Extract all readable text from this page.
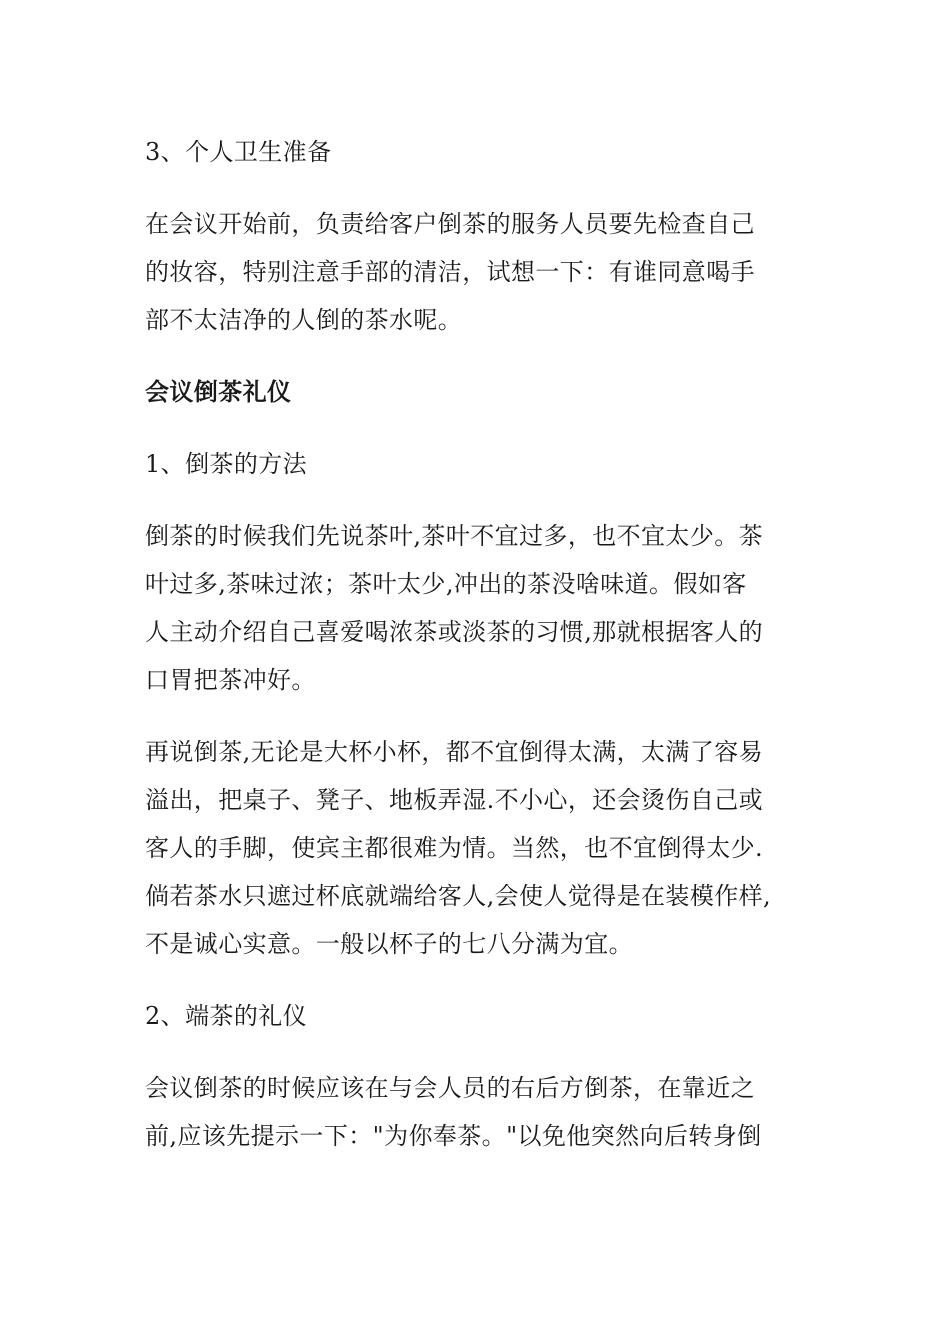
3、个人卫生准备
在会议开始前，负责给客户倒茶的服务人员要先检查自己
的妆容，特别注意手部的清洁，试想一下：有谁同意喝手
部不太洁净的人倒的茶水呢。
会议倒茶礼仪
1、倒茶的方法
倒茶的时候我们先说茶叶,茶叶不宜过多，也不宜太少。茶
叶过多,茶味过浓；茶叶太少,冲出的茶没啥味道。假如客
人主动介绍自己喜爱喝浓茶或淡茶的习惯,那就根据客人的
口胃把茶冲好。
再说倒茶,无论是大杯小杯，都不宜倒得太满，太满了容易
溢出，把桌子、凳子、地板弄湿.不小心，还会烫伤自己或
客人的手脚，使宾主都很难为情。当然，也不宜倒得太少.
倘若茶水只遮过杯底就端给客人,会使人觉得是在装模作样,
不是诚心实意。一般以杯子的七八分满为宜。
2、端茶的礼仪
会议倒茶的时候应该在与会人员的右后方倒茶，在靠近之
前,应该先提示一下："为你奉茶。"以免他突然向后转身倒
